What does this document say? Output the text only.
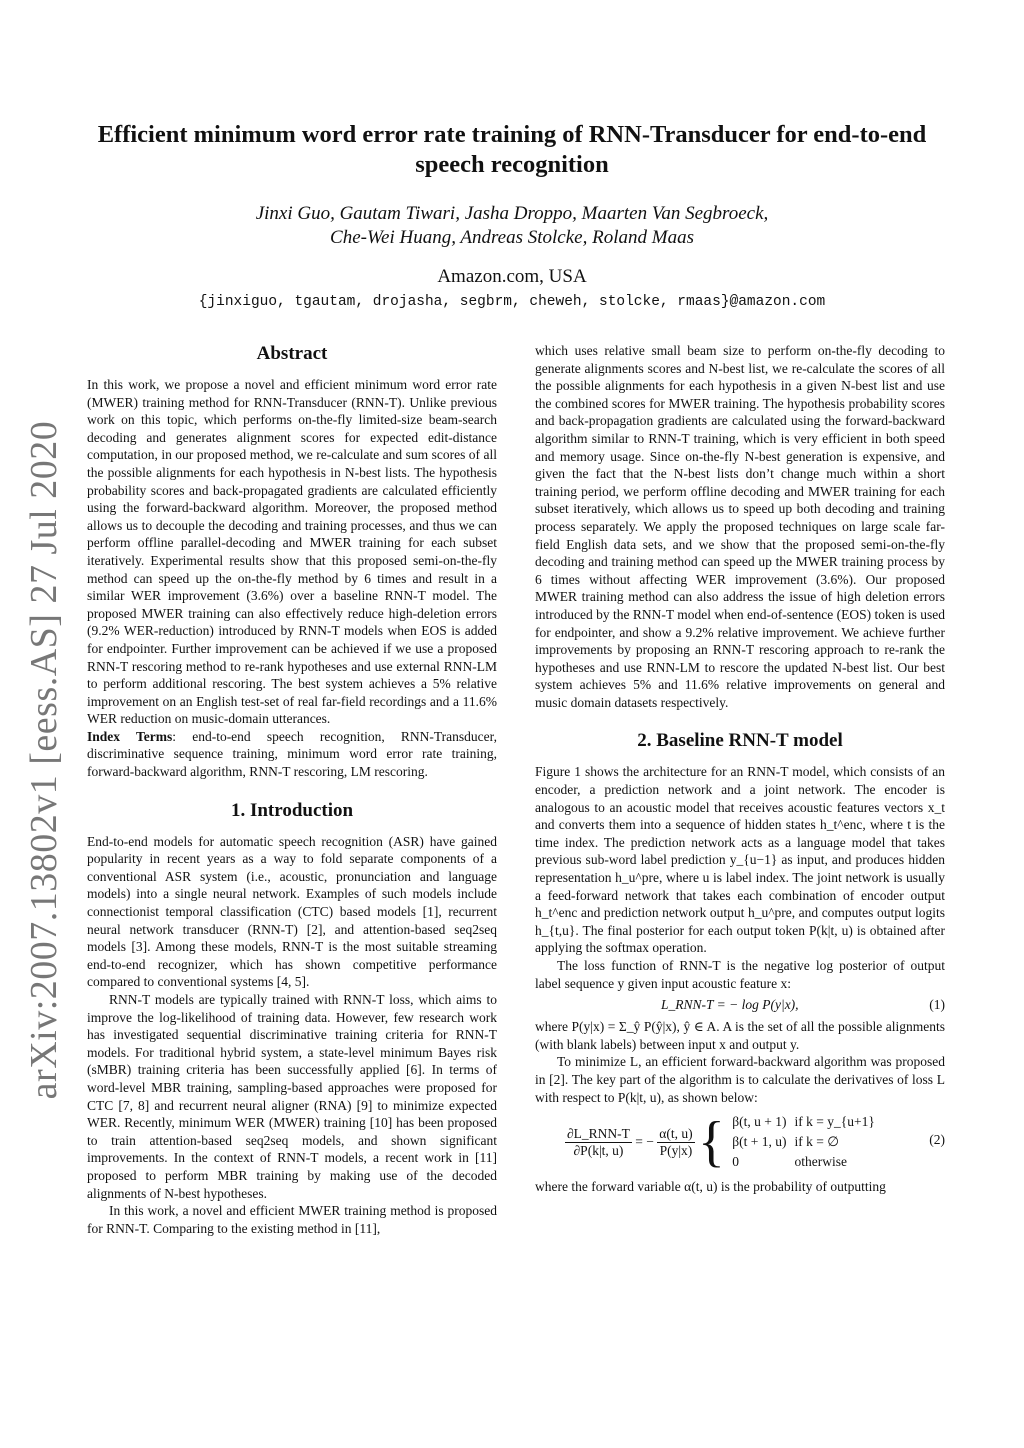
arXiv:2007.13802v1 [eess.AS] 27 Jul 2020
Efficient minimum word error rate training of RNN-Transducer for end-to-end speech recognition
Jinxi Guo, Gautam Tiwari, Jasha Droppo, Maarten Van Segbroeck,
Che-Wei Huang, Andreas Stolcke, Roland Maas
Amazon.com, USA
{jinxiguo, tgautam, drojasha, segbrm, cheweh, stolcke, rmaas}@amazon.com
Abstract

In this work, we propose a novel and efficient minimum word error rate (MWER) training method for RNN-Transducer (RNN-T). Unlike previous work on this topic, which performs on-the-fly limited-size beam-search decoding and generates alignment scores for expected edit-distance computation, in our proposed method, we re-calculate and sum scores of all the possible alignments for each hypothesis in N-best lists. The hypothesis probability scores and back-propagated gradients are calculated efficiently using the forward-backward algorithm. Moreover, the proposed method allows us to decouple the decoding and training processes, and thus we can perform offline parallel-decoding and MWER training for each subset iteratively. Experimental results show that this proposed semi-on-the-fly method can speed up the on-the-fly method by 6 times and result in a similar WER improvement (3.6%) over a baseline RNN-T model. The proposed MWER training can also effectively reduce high-deletion errors (9.2% WER-reduction) introduced by RNN-T models when EOS is added for endpointer. Further improvement can be achieved if we use a proposed RNN-T rescoring method to re-rank hypotheses and use external RNN-LM to perform additional rescoring. The best system achieves a 5% relative improvement on an English test-set of real far-field recordings and a 11.6% WER reduction on music-domain utterances.

Index Terms: end-to-end speech recognition, RNN-Transducer, discriminative sequence training, minimum word error rate training, forward-backward algorithm, RNN-T rescoring, LM rescoring.

1. Introduction

End-to-end models for automatic speech recognition (ASR) have gained popularity in recent years as a way to fold separate components of a conventional ASR system (i.e., acoustic, pronunciation and language models) into a single neural network. Examples of such models include connectionist temporal classification (CTC) based models [1], recurrent neural network transducer (RNN-T) [2], and attention-based seq2seq models [3]. Among these models, RNN-T is the most suitable streaming end-to-end recognizer, which has shown competitive performance compared to conventional systems [4, 5].

RNN-T models are typically trained with RNN-T loss, which aims to improve the log-likelihood of training data. However, few research work has investigated sequential discriminative training criteria for RNN-T models. For traditional hybrid system, a state-level minimum Bayes risk (sMBR) training criteria has been successfully applied [6]. In terms of word-level MBR training, sampling-based approaches were proposed for CTC [7, 8] and recurrent neural aligner (RNA) [9] to minimize expected WER. Recently, minimum WER (MWER) training [10] has been proposed to train attention-based seq2seq models, and shown significant improvements. In the context of RNN-T models, a recent work in [11] proposed to perform MBR training by making use of the decoded alignments of N-best hypotheses.

In this work, a novel and efficient MWER training method is proposed for RNN-T. Comparing to the existing method in [11],

which uses relative small beam size to perform on-the-fly decoding to generate alignments scores and N-best list, we re-calculate the scores of all the possible alignments for each hypothesis in a given N-best list and use the combined scores for MWER training. The hypothesis probability scores and back-propagation gradients are calculated using the forward-backward algorithm similar to RNN-T training, which is very efficient in both speed and memory usage. Since on-the-fly N-best generation is expensive, and given the fact that the N-best lists don’t change much within a short training period, we perform offline decoding and MWER training for each subset iteratively, which allows us to speed up both decoding and training process separately. We apply the proposed techniques on large scale far-field English data sets, and we show that the proposed semi-on-the-fly decoding and training method can speed up the MWER training process by 6 times without affecting WER improvement (3.6%). Our proposed MWER training method can also address the issue of high deletion errors introduced by the RNN-T model when end-of-sentence (EOS) token is used for endpointer, and show a 9.2% relative improvement. We achieve further improvements by proposing an RNN-T rescoring approach to re-rank the hypotheses and use RNN-LM to rescore the updated N-best list. Our best system achieves 5% and 11.6% relative improvements on general and music domain datasets respectively.

2. Baseline RNN-T model

Figure 1 shows the architecture for an RNN-T model, which consists of an encoder, a prediction network and a joint network. The encoder is analogous to an acoustic model that receives acoustic features vectors x_t and converts them into a sequence of hidden states h_t^enc, where t is the time index. The prediction network acts as a language model that takes previous sub-word label prediction y_{u−1} as input, and produces hidden representation h_u^pre, where u is label index. The joint network is usually a feed-forward network that takes each combination of encoder output h_t^enc and prediction network output h_u^pre, and computes output logits h_{t,u}. The final posterior for each output token P(k|t, u) is obtained after applying the softmax operation.

The loss function of RNN-T is the negative log posterior of output label sequence y given input acoustic feature x:

L_RNN-T = − log P(y|x),	(1)

where P(y|x) = Σ_ŷ P(ŷ|x), ŷ ∈ A. A is the set of all the possible alignments (with blank labels) between input x and output y.

To minimize L, an efficient forward-backward algorithm was proposed in [2]. The key part of the algorithm is to calculate the derivatives of loss L with respect to P(k|t, u), as shown below:

$\frac{\text{∂L\_RNN-T}}{\partial P(k|t, u)}$ = − $\frac{\alpha(t, u)}{P(y|x)}$ { β(t, u + 1)	if k = y_{u+1}
β(t + 1, u)	if k = ∅
0	otherwise
(2)

where the forward variable α(t, u) is the probability of outputting
